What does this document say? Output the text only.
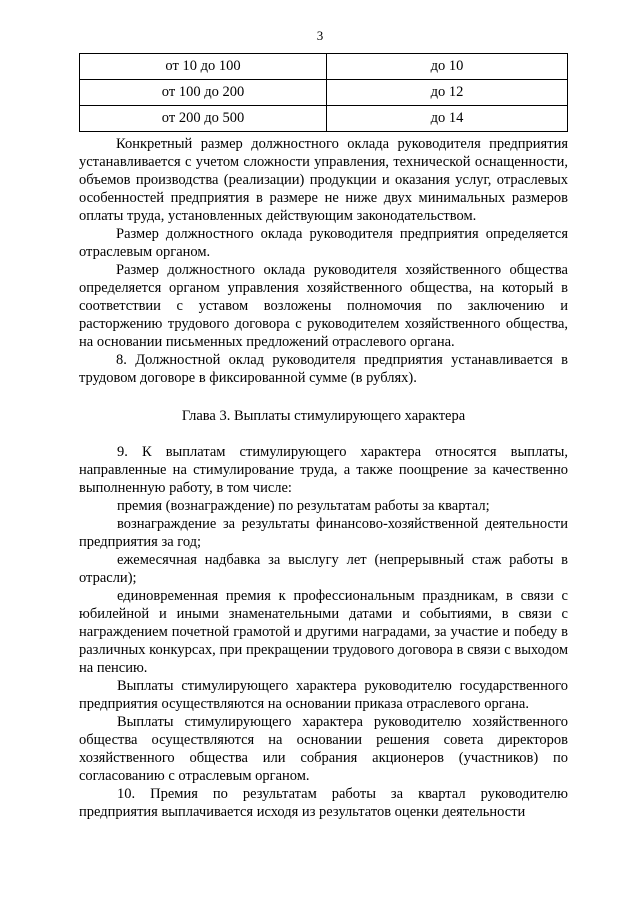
3
от 10 до 100	до 10
от 100 до 200	до 12
от 200 до 500	до 14

Конкретный размер должностного оклада руководителя предприятия устанавливается с учетом сложности управления, технической оснащенности, объемов производства (реализации) продукции и оказания услуг, отраслевых особенностей предприятия в размере не ниже двух минимальных размеров оплаты труда, установленных действующим законодательством.

Размер должностного оклада руководителя предприятия определяется отраслевым органом.

Размер должностного оклада руководителя хозяйственного общества определяется органом управления хозяйственного общества, на который в соответствии с уставом возложены полномочия по заключению и расторжению трудового договора с руководителем хозяйственного общества, на основании письменных предложений отраслевого органа.

8. Должностной оклад руководителя предприятия устанавливается в трудовом договоре в фиксированной сумме (в рублях).

Глава 3. Выплаты стимулирующего характера

9. К выплатам стимулирующего характера относятся выплаты, направленные на стимулирование труда, а также поощрение за качественно выполненную работу, в том числе:

премия (вознаграждение) по результатам работы за квартал;

вознаграждение за результаты финансово-хозяйственной деятельности предприятия за год;

ежемесячная надбавка за выслугу лет (непрерывный стаж работы в отрасли);

единовременная премия к профессиональным праздникам, в связи с юбилейной и иными знаменательными датами и событиями, в связи с награждением почетной грамотой и другими наградами, за участие и победу в различных конкурсах, при прекращении трудового договора в связи с выходом на пенсию.

Выплаты стимулирующего характера руководителю государственного предприятия осуществляются на основании приказа отраслевого органа.

Выплаты стимулирующего характера руководителю хозяйственного общества осуществляются на основании решения совета директоров хозяйственного общества или собрания акционеров (участников) по согласованию с отраслевым органом.

10. Премия по результатам работы за квартал руководителю предприятия выплачивается исходя из результатов оценки деятельности
